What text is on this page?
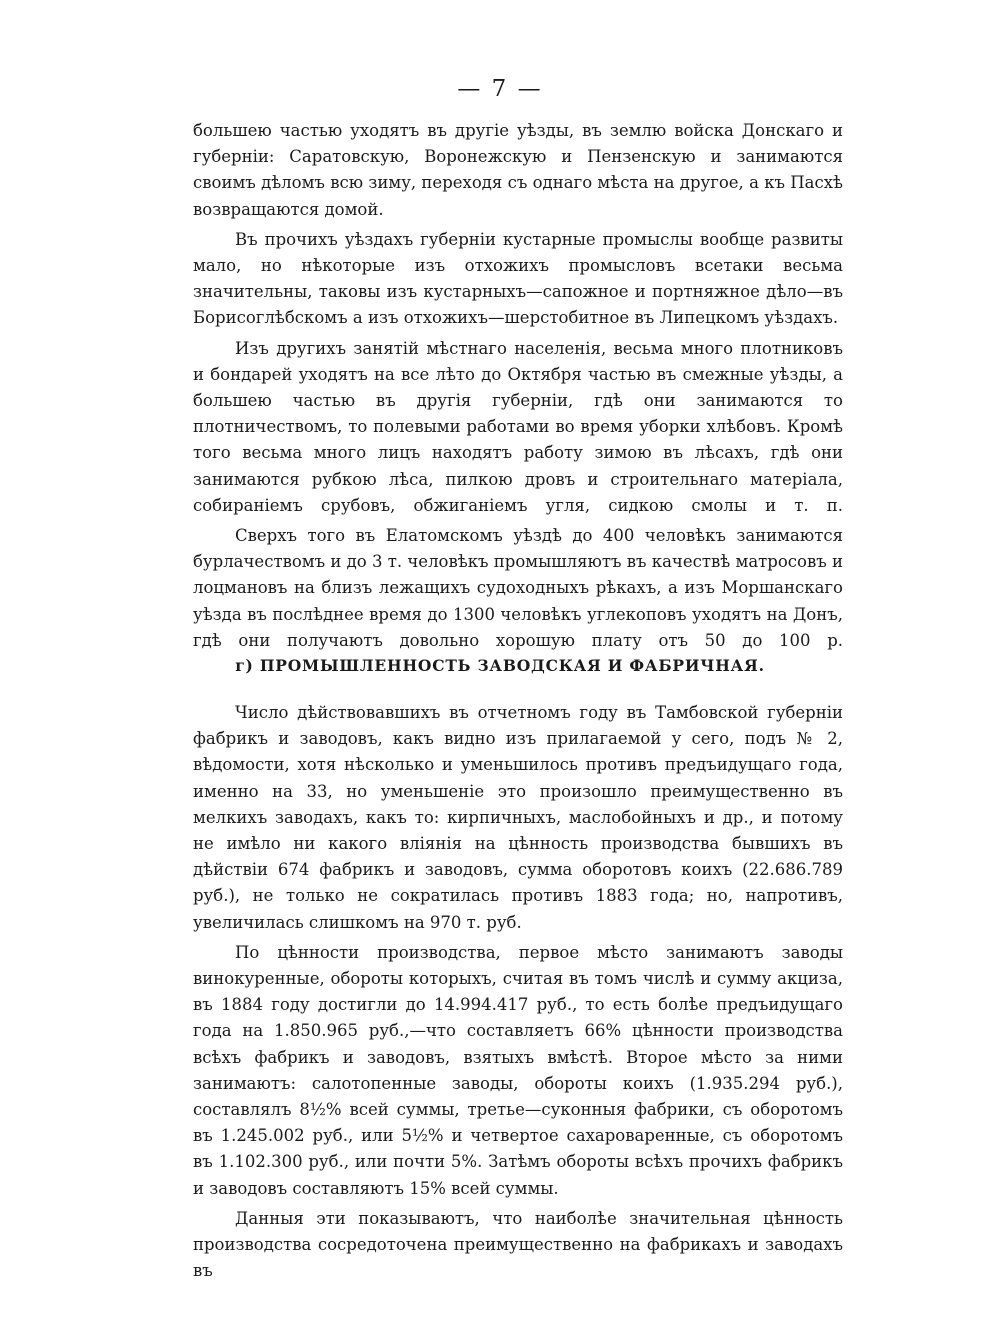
— 7 —

большею частью уходятъ въ другіе уѣзды, въ землю войска Донскаго и губерніи: Саратовскую, Воронежскую и Пензенскую и занимаются своимъ дѣломъ всю зиму, переходя съ однаго мѣста на другое, а къ Пасхѣ возвращаются домой.

Въ прочихъ уѣздахъ губерніи кустарные промыслы вообще развиты мало, но нѣкоторые изъ отхожихъ промысловъ всетаки весьма значительны, таковы изъ кустарныхъ—сапожное и портняжное дѣло—въ Борисоглѣбскомъ а изъ отхожихъ—шерстобитное въ Липецкомъ уѣздахъ.

Изъ другихъ занятій мѣстнаго населенія, весьма много плотниковъ и бондарей уходятъ на все лѣто до Октября частью въ смежные уѣзды, а большею частью въ другія губерніи, гдѣ они занимаются то плотничествомъ, то полевыми работами во время уборки хлѣбовъ. Кромѣ того весьма много лицъ находятъ работу зимою въ лѣсахъ, гдѣ они занимаются рубкою лѣса, пилкою дровъ и строительнаго матеріала, собираніемъ срубовъ, обжиганіемъ угля, сидкою смолы и т. п.

Сверхъ того въ Елатомскомъ уѣздѣ до 400 человѣкъ занимаются бурлачествомъ и до 3 т. человѣкъ промышляютъ въ качествѣ матросовъ и лоцмановъ на близъ лежащихъ судоходныхъ рѣкахъ, а изъ Моршанскаго уѣзда въ послѣднее время до 1300 человѣкъ углекоповъ уходятъ на Донъ, гдѣ они получаютъ довольно хорошую плату отъ 50 до 100 р.

г) ПРОМЫШЛЕННОСТЬ ЗАВОДСКАЯ И ФАБРИЧНАЯ.

Число дѣйствовавшихъ въ отчетномъ году въ Тамбовской губерніи фабрикъ и заводовъ, какъ видно изъ прилагаемой у сего, подъ № 2, вѣдомости, хотя нѣсколько и уменьшилось противъ предъидущаго года, именно на 33, но уменьшеніе это произошло преимущественно въ мелкихъ заводахъ, какъ то: кирпичныхъ, маслобойныхъ и др., и потому не имѣло ни какого вліянія на цѣнность производства бывшихъ въ дѣйствіи 674 фабрикъ и заводовъ, сумма оборотовъ коихъ (22.686.789 руб.), не только не сократилась противъ 1883 года; но, напротивъ, увеличилась слишкомъ на 970 т. руб.

По цѣнности производства, первое мѣсто занимаютъ заводы винокуренные, обороты которыхъ, считая въ томъ числѣ и сумму акциза, въ 1884 году достигли до 14.994.417 руб., то есть болѣе предъидущаго года на 1.850.965 руб.,—что составляетъ 66% цѣнности производства всѣхъ фабрикъ и заводовъ, взятыхъ вмѣстѣ. Второе мѣсто за ними занимаютъ: салотопенные заводы, обороты коихъ (1.935.294 руб.), составлялъ 8½% всей суммы, третье—суконныя фабрики, съ оборотомъ въ 1.245.002 руб., или 5½% и четвертое сахароваренные, съ оборотомъ въ 1.102.300 руб., или почти 5%. Затѣмъ обороты всѣхъ прочихъ фабрикъ и заводовъ составляютъ 15% всей суммы.

Данныя эти показываютъ, что наиболѣе значительная цѣнность производства сосредоточена преимущественно на фабрикахъ и заводахъ въ
